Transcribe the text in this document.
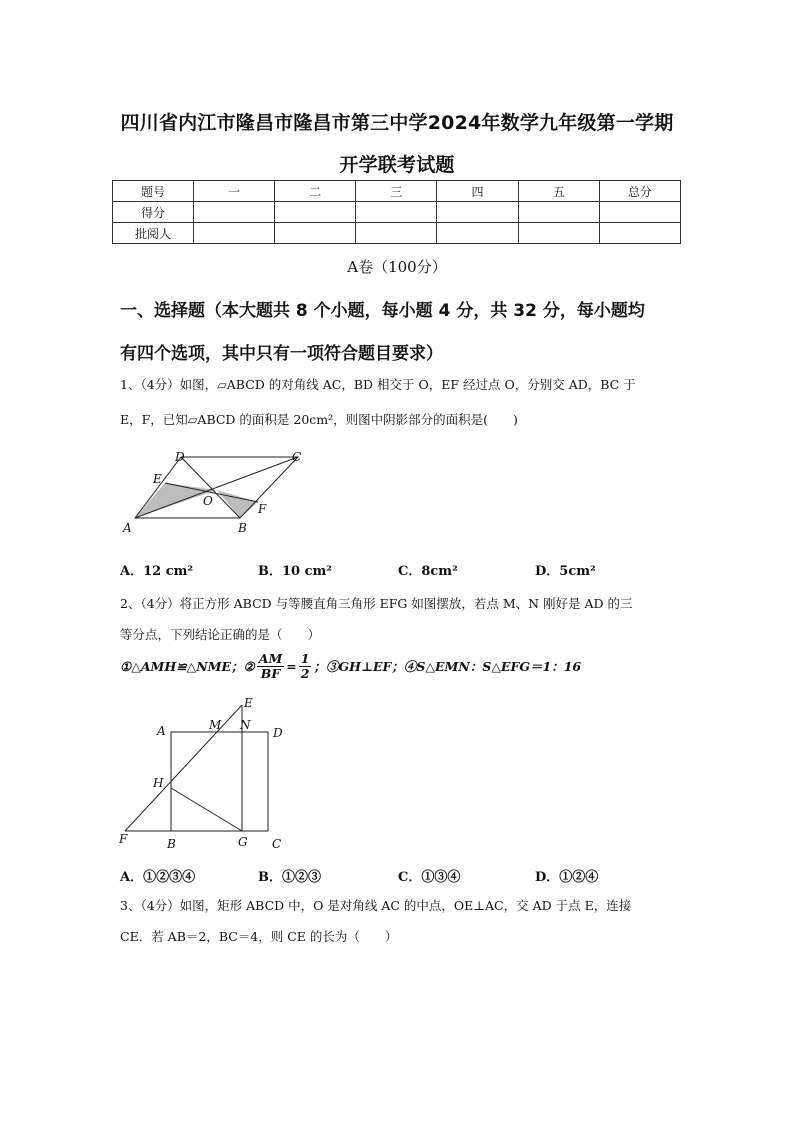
四川省内江市隆昌市隆昌市第三中学2024年数学九年级第一学期
开学联考试题
题号	一	二	三	四	五	总分
得分						
批阅人						
A卷（100分）
一、选择题（本大题共 8 个小题，每小题 4 分，共 32 分，每小题均
有四个选项，其中只有一项符合题目要求）
1、（4分）如图，▱ABCD 的对角线 AC，BD 相交于 O，EF 经过点 O，分别交 AD，BC 于
E，F，已知▱ABCD 的面积是 20cm²，则图中阴影部分的面积是(　　)
A	B
C
D
E
F
O
A．12 cm²	B．10 cm²	C．8cm²	D．5cm²
2、（4分）将正方形 ABCD 与等腰直角三角形 EFG 如图摆放，若点 M、N 刚好是 AD 的三
等分点，下列结论正确的是（　　）
①△AMH≌△NME；② $\frac{AM}{BF} = \frac{1}{2}$ ；③GH⊥EF；④S△EMN：S△EFG＝1：16
A
B	C
D
E
F	G
H
M N
A．①②③④	B．①②③	C．①③④	D．①②④
3、（4分）如图，矩形 ABCD 中，O 是对角线 AC 的中点，OE⊥AC，交 AD 于点 E，连接
CE．若 AB＝2，BC＝4，则 CE 的长为（　　）
